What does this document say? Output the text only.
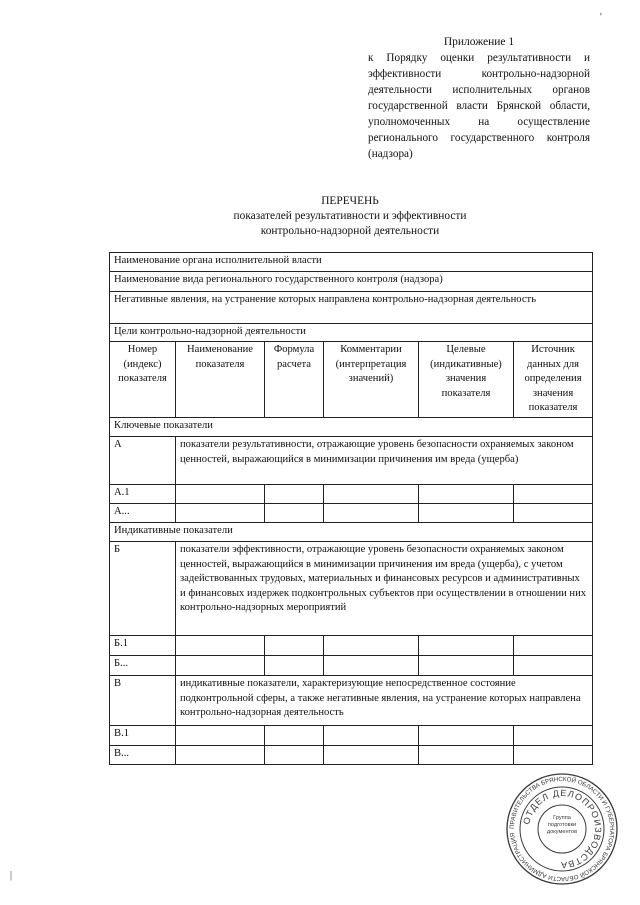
Приложение 1
к Порядку оценки результативности и эффективности контрольно-надзорной деятельности исполнительных органов государственной власти Брянской области, уполномоченных на осуществление регионального государственного контроля (надзора)
ПЕРЕЧЕНЬ
показателей результативности и эффективности
контрольно-надзорной деятельности
Наименование органа исполнительной власти					
Наименование вида регионального государственного контроля (надзора)					
Негативные явления, на устранение которых направлена контрольно-надзорная деятельность					
Цели контрольно-надзорной деятельности					
Номер (индекс) показателя	Наименование показателя	Формула расчета	Комментарии (интерпретация значений)	Целевые (индикативные) значения показателя	Источник данных для определения значения показателя
Ключевые показатели					
А	показатели результативности, отражающие уровень безопасности охраняемых законом ценностей, выражающийся в минимизации причинения им вреда (ущерба)				
А.1					
А...					
Индикативные показатели					
Б	показатели эффективности, отражающие уровень безопасности охраняемых законом ценностей, выражающийся в минимизации причинения им вреда (ущерба), с учетом задействованных трудовых, материальных и финансовых ресурсов и административных и финансовых издержек подконтрольных субъектов при осуществлении в отношении них контрольно-надзорных мероприятий				
Б.1					
Б...					
В	индикативные показатели, характеризующие непосредственное состояние подконтрольной сферы, а также негативные явления, на устранение которых направлена контрольно-надзорная деятельность				
В.1					
В...					
ПРАВИТЕЛЬСТВА БРЯНСКОЙ ОБЛАСТИ И ГУБЕРНАТОРА БРЯНСКОЙ ОБЛАСТИ АДМИНИСТРАЦИЯ
ОТДЕЛ ДЕЛОПРОИЗВОДСТВА
Группа подготовки документов
'
|
